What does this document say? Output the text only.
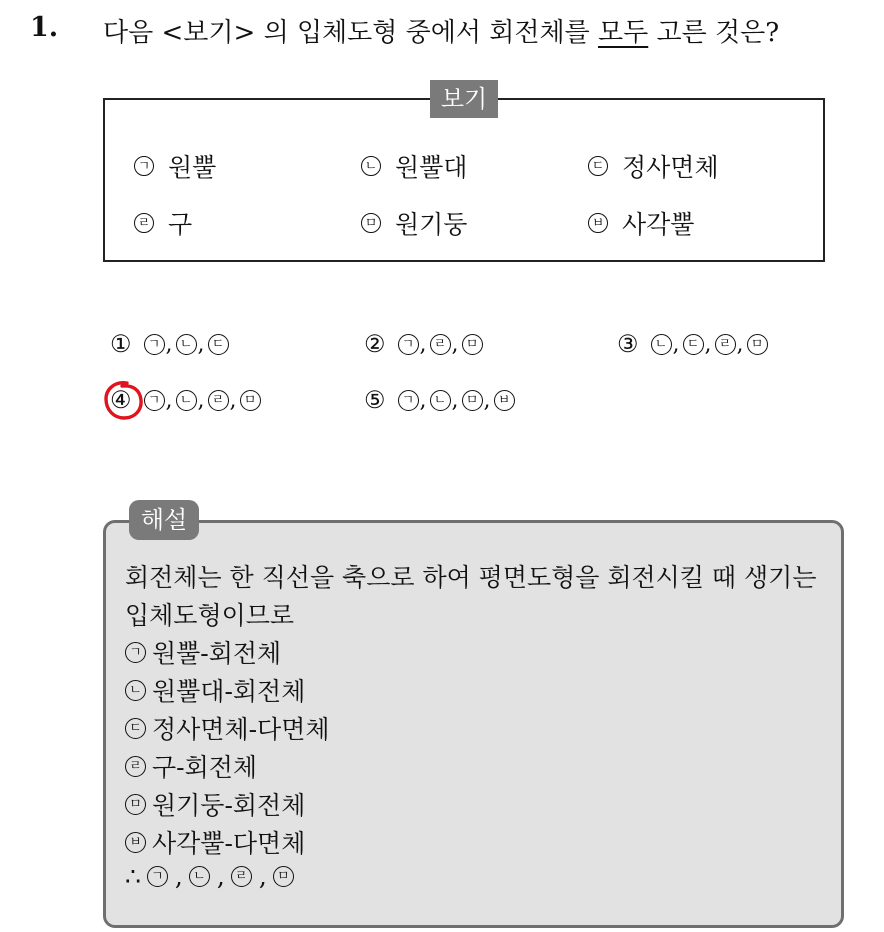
1. 다음 <보기> 의 입체도형 중에서 회전체를 모두 고른 것은?
보기
ㄱ 원뿔	ㄴ 원뿔대	ㄷ 정사면체
ㄹ 구	ㅁ 원기둥	ㅂ 사각뿔
①	ㄱ , ㄴ , ㄷ	②	ㄱ , ㄹ , ㅁ	③	ㄴ , ㄷ , ㄹ , ㅁ
④	ㄱ , ㄴ , ㄹ , ㅁ	⑤	ㄱ , ㄴ , ㅁ , ㅂ
해설
회전체는 한 직선을 축으로 하여 평면도형을 회전시킬 때 생기는
입체도형이므로
ㄱ 원뿔-회전체
ㄴ 원뿔대-회전체
ㄷ 정사면체-다면체
ㄹ 구-회전체
ㅁ 원기둥-회전체
ㅂ 사각뿔-다면체
∴ ㄱ , ㄴ , ㄹ , ㅁ
